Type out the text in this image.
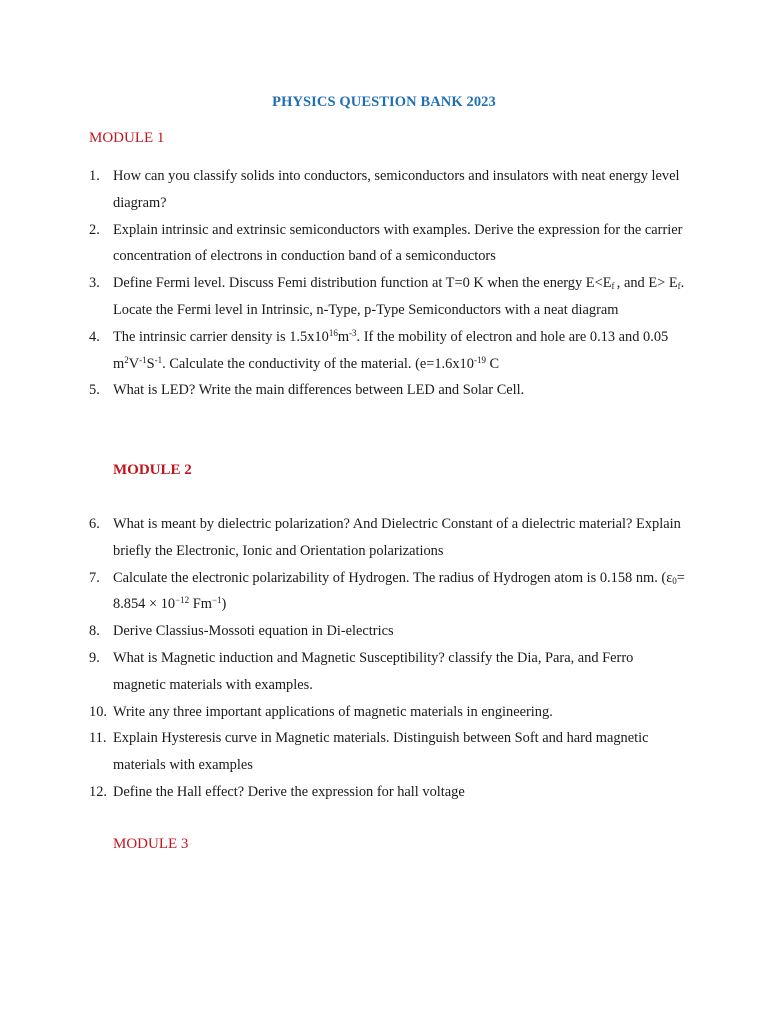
PHYSICS QUESTION BANK 2023
MODULE 1
1. How can you classify solids into conductors, semiconductors and insulators with neat energy level diagram?
2. Explain intrinsic and extrinsic semiconductors with examples. Derive the expression for the carrier concentration of electrons in conduction band of a semiconductors
3. Define Fermi level. Discuss Femi distribution function at T=0 K when the energy $E<E_f$ , and $E> E_f$. Locate the Fermi level in Intrinsic, n-Type, p-Type Semiconductors with a neat diagram
4. The intrinsic carrier density is $1.5x10^{16}m^{-3}$. If the mobility of electron and hole are 0.13 and 0.05 $m^2V^{-1}S^{-1}$. Calculate the conductivity of the material. ($e=1.6x10^{-19}$ C
5. What is LED? Write the main differences between LED and Solar Cell.
MODULE 2
6. What is meant by dielectric polarization? And Dielectric Constant of a dielectric material? Explain briefly the Electronic, Ionic and Orientation polarizations
7. Calculate the electronic polarizability of Hydrogen. The radius of Hydrogen atom is 0.158 nm. ($\varepsilon_0= 8.854 \times 10^{-12}$ $Fm^{-1}$)
8. Derive Classius-Mossoti equation in Di-electrics
9. What is Magnetic induction and Magnetic Susceptibility? classify the Dia, Para, and Ferro magnetic materials with examples.
10. Write any three important applications of magnetic materials in engineering.
11. Explain Hysteresis curve in Magnetic materials. Distinguish between Soft and hard magnetic materials with examples
12. Define the Hall effect? Derive the expression for hall voltage
MODULE 3
